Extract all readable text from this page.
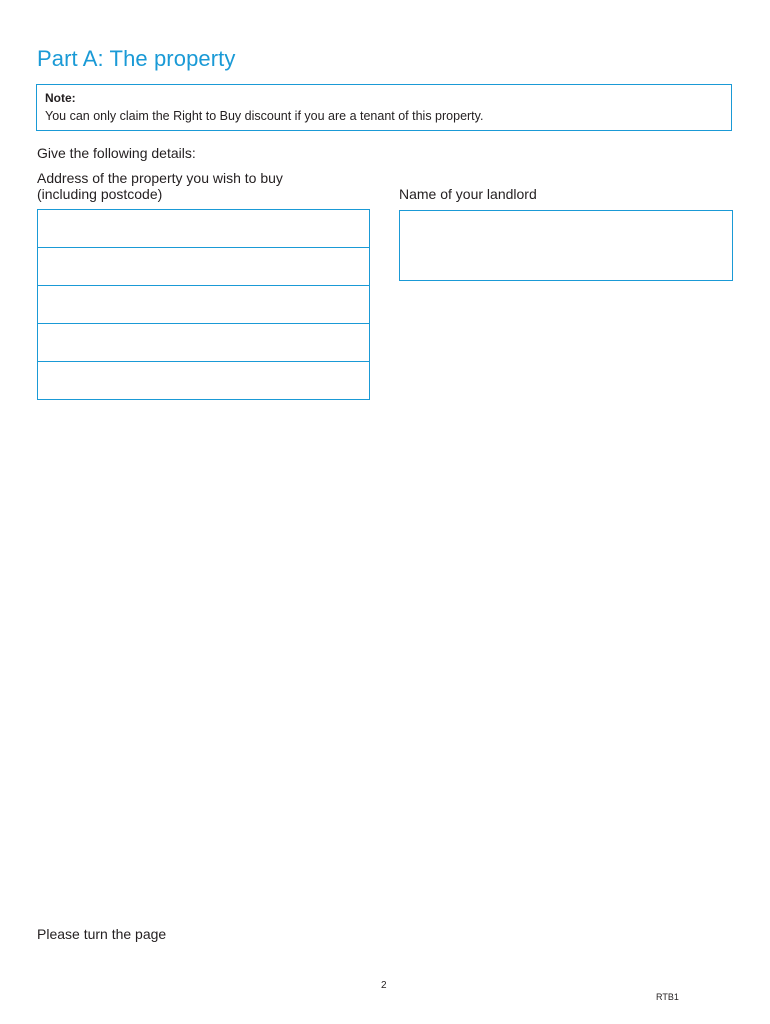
Part A: The property
Note:
You can only claim the Right to Buy discount if you are a tenant of this property.
Give the following details:
Address of the property you wish to buy
(including postcode)	Name of your landlord
Please turn the page
2
RTB1
